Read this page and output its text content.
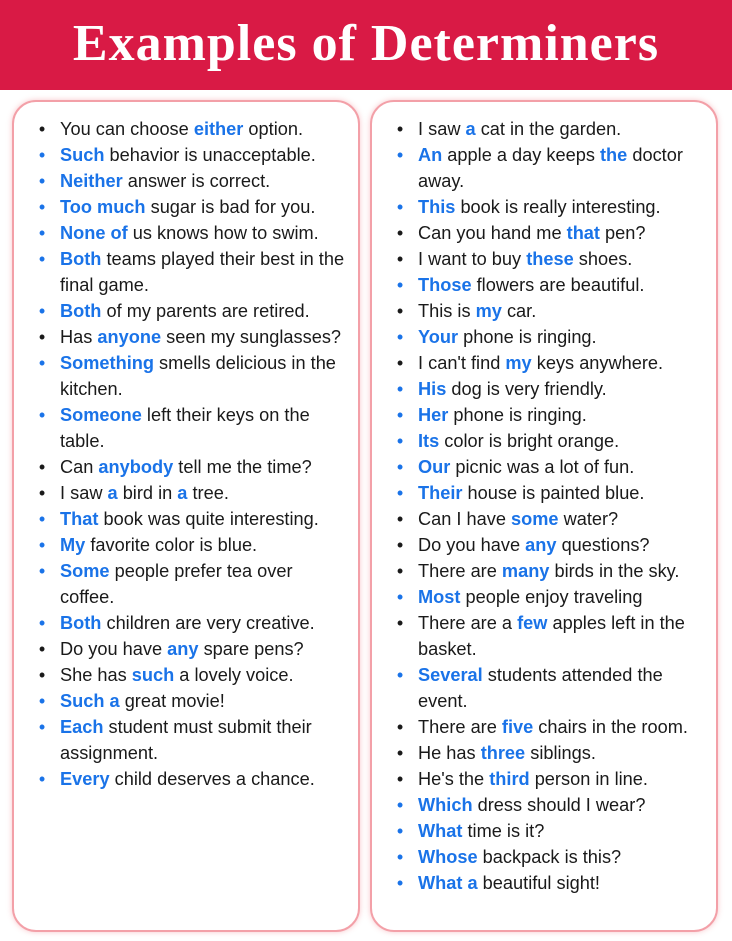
Examples of Determiners
• You can choose either option.
• Such behavior is unacceptable.
• Neither answer is correct.
• Too much sugar is bad for you.
• None of us knows how to swim.
• Both teams played their best in the final game.
• Both of my parents are retired.
• Has anyone seen my sunglasses?
• Something smells delicious in the kitchen.
• Someone left their keys on the table.
• Can anybody tell me the time?
• I saw a bird in a tree.
• That book was quite interesting.
• My favorite color is blue.
• Some people prefer tea over coffee.
• Both children are very creative.
• Do you have any spare pens?
• She has such a lovely voice.
• Such a great movie!
• Each student must submit their assignment.
• Every child deserves a chance.
• I saw a cat in the garden.
• An apple a day keeps the doctor away.
• This book is really interesting.
• Can you hand me that pen?
• I want to buy these shoes.
• Those flowers are beautiful.
• This is my car.
• Your phone is ringing.
• I can't find my keys anywhere.
• His dog is very friendly.
• Her phone is ringing.
• Its color is bright orange.
• Our picnic was a lot of fun.
• Their house is painted blue.
• Can I have some water?
• Do you have any questions?
• There are many birds in the sky.
• Most people enjoy traveling
• There are a few apples left in the basket.
• Several students attended the event.
• There are five chairs in the room.
• He has three siblings.
• He's the third person in line.
• Which dress should I wear?
• What time is it?
• Whose backpack is this?
• What a beautiful sight!
